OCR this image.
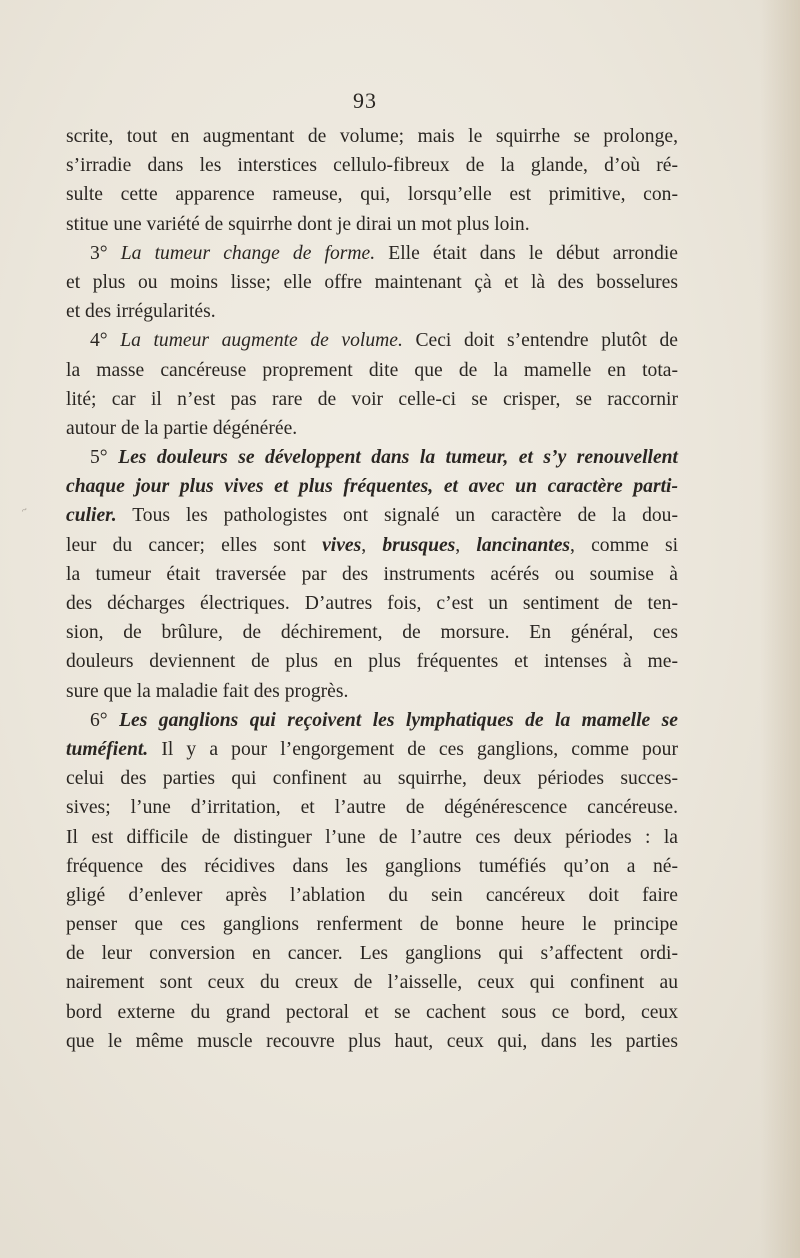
93
~
scrite, tout en augmentant de volume; mais le squirrhe se prolonge,
s’irradie dans les interstices cellulo-fibreux de la glande, d’où ré-
sulte cette apparence rameuse, qui, lorsqu’elle est primitive, con-
stitue une variété de squirrhe dont je dirai un mot plus loin.
3° La tumeur change de forme. Elle était dans le début arrondie
et plus ou moins lisse; elle offre maintenant çà et là des bosselures
et des irrégularités.
4° La tumeur augmente de volume. Ceci doit s’entendre plutôt de
la masse cancéreuse proprement dite que de la mamelle en tota-
lité; car il n’est pas rare de voir celle-ci se crisper, se raccornir
autour de la partie dégénérée.
5° Les douleurs se développent dans la tumeur, et s’y renouvellent
chaque jour plus vives et plus fréquentes, et avec un caractère parti-
culier. Tous les pathologistes ont signalé un caractère de la dou-
leur du cancer; elles sont vives, brusques, lancinantes, comme si
la tumeur était traversée par des instruments acérés ou soumise à
des décharges électriques. D’autres fois, c’est un sentiment de ten-
sion, de brûlure, de déchirement, de morsure. En général, ces
douleurs deviennent de plus en plus fréquentes et intenses à me-
sure que la maladie fait des progrès.
6° Les ganglions qui reçoivent les lymphatiques de la mamelle se
tuméfient. Il y a pour l’engorgement de ces ganglions, comme pour
celui des parties qui confinent au squirrhe, deux périodes succes-
sives; l’une d’irritation, et l’autre de dégénérescence cancéreuse.
Il est difficile de distinguer l’une de l’autre ces deux périodes : la
fréquence des récidives dans les ganglions tuméfiés qu’on a né-
gligé d’enlever après l’ablation du sein cancéreux doit faire
penser que ces ganglions renferment de bonne heure le principe
de leur conversion en cancer. Les ganglions qui s’affectent ordi-
nairement sont ceux du creux de l’aisselle, ceux qui confinent au
bord externe du grand pectoral et se cachent sous ce bord, ceux
que le même muscle recouvre plus haut, ceux qui, dans les parties
